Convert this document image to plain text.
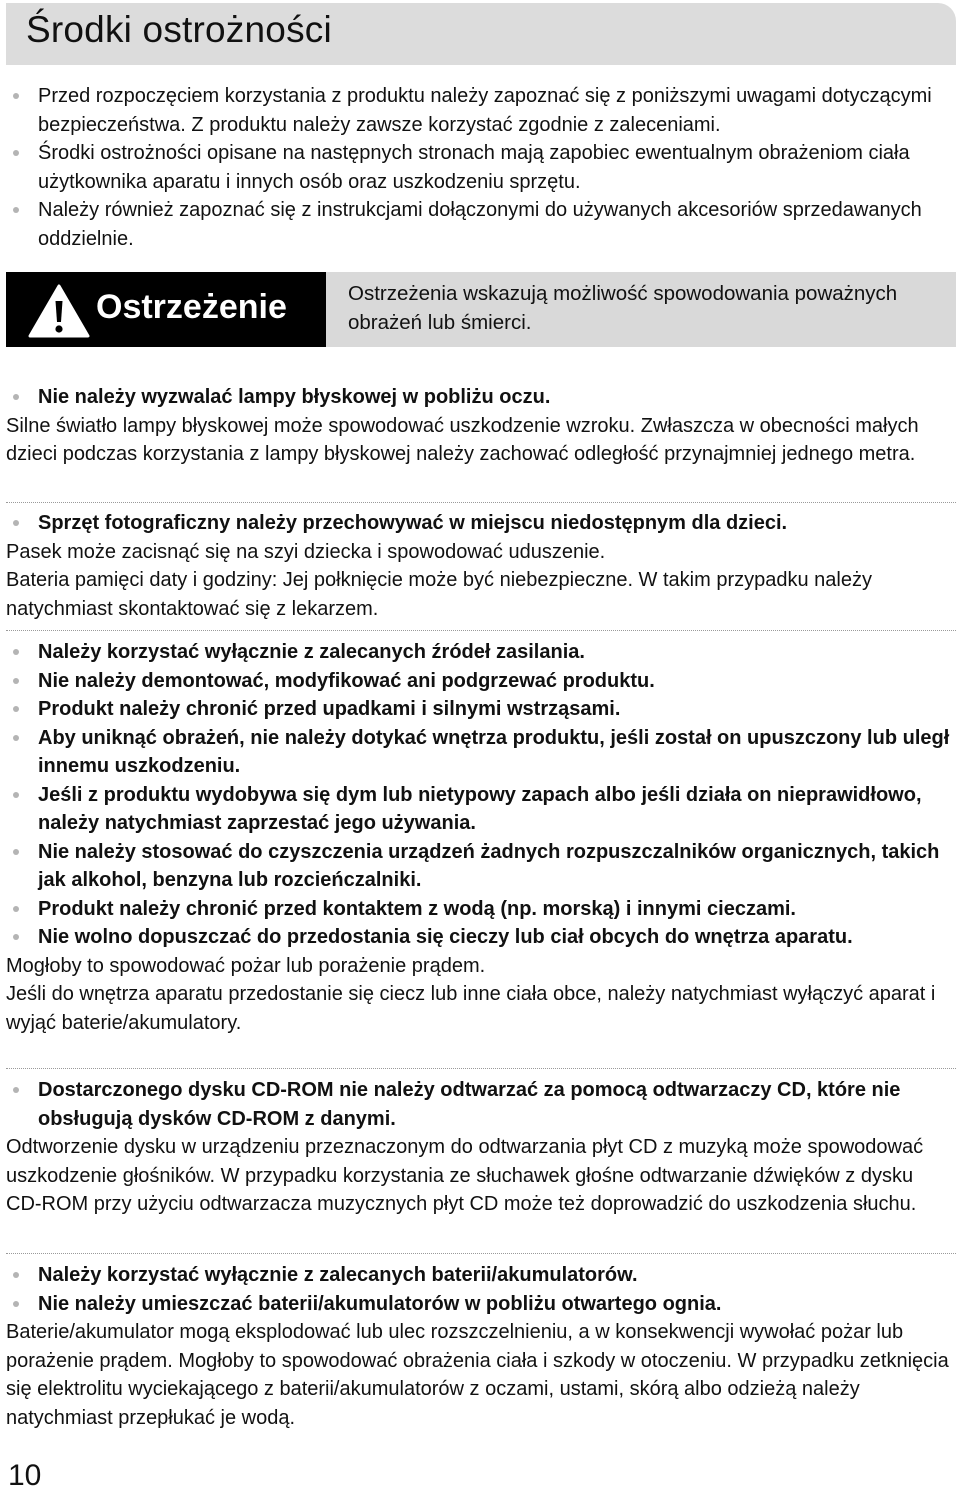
Środki ostrożności
Przed rozpoczęciem korzystania z produktu należy zapoznać się z poniższymi uwagami dotyczącymi bezpieczeństwa. Z produktu należy zawsze korzystać zgodnie z zaleceniami.
Środki ostrożności opisane na następnych stronach mają zapobiec ewentualnym obrażeniom ciała użytkownika aparatu i innych osób oraz uszkodzeniu sprzętu.
Należy również zapoznać się z instrukcjami dołączonymi do używanych akcesoriów sprzedawanych oddzielnie.
Ostrzeżenie	Ostrzeżenia wskazują możliwość spowodowania poważnych obrażeń lub śmierci.
Nie należy wyzwalać lampy błyskowej w pobliżu oczu.

Silne światło lampy błyskowej może spowodować uszkodzenie wzroku. Zwłaszcza w obecności małych dzieci podczas korzystania z lampy błyskowej należy zachować odległość przynajmniej jednego metra.

Sprzęt fotograficzny należy przechowywać w miejscu niedostępnym dla dzieci.

Pasek może zacisnąć się na szyi dziecka i spowodować uduszenie.

Bateria pamięci daty i godziny: Jej połknięcie może być niebezpieczne. W takim przypadku należy natychmiast skontaktować się z lekarzem.

Należy korzystać wyłącznie z zalecanych źródeł zasilania.
Nie należy demontować, modyfikować ani podgrzewać produktu.
Produkt należy chronić przed upadkami i silnymi wstrząsami.
Aby uniknąć obrażeń, nie należy dotykać wnętrza produktu, jeśli został on upuszczony lub uległ innemu uszkodzeniu.
Jeśli z produktu wydobywa się dym lub nietypowy zapach albo jeśli działa on nieprawidłowo, należy natychmiast zaprzestać jego używania.
Nie należy stosować do czyszczenia urządzeń żadnych rozpuszczalników organicznych, takich jak alkohol, benzyna lub rozcieńczalniki.
Produkt należy chronić przed kontaktem z wodą (np. morską) i innymi cieczami.
Nie wolno dopuszczać do przedostania się cieczy lub ciał obcych do wnętrza aparatu.

Mogłoby to spowodować pożar lub porażenie prądem.

Jeśli do wnętrza aparatu przedostanie się ciecz lub inne ciała obce, należy natychmiast wyłączyć aparat i wyjąć baterie/akumulatory.

Dostarczonego dysku CD-ROM nie należy odtwarzać za pomocą odtwarzaczy CD, które nie obsługują dysków CD-ROM z danymi.

Odtworzenie dysku w urządzeniu przeznaczonym do odtwarzania płyt CD z muzyką może spowodować uszkodzenie głośników. W przypadku korzystania ze słuchawek głośne odtwarzanie dźwięków z dysku CD-ROM przy użyciu odtwarzacza muzycznych płyt CD może też doprowadzić do uszkodzenia słuchu.

Należy korzystać wyłącznie z zalecanych baterii/akumulatorów.
Nie należy umieszczać baterii/akumulatorów w pobliżu otwartego ognia.

Baterie/akumulator mogą eksplodować lub ulec rozszczelnieniu, a w konsekwencji wywołać pożar lub porażenie prądem. Mogłoby to spowodować obrażenia ciała i szkody w otoczeniu. W przypadku zetknięcia się elektrolitu wyciekającego z baterii/akumulatorów z oczami, ustami, skórą albo odzieżą należy natychmiast przepłukać je wodą.

10
